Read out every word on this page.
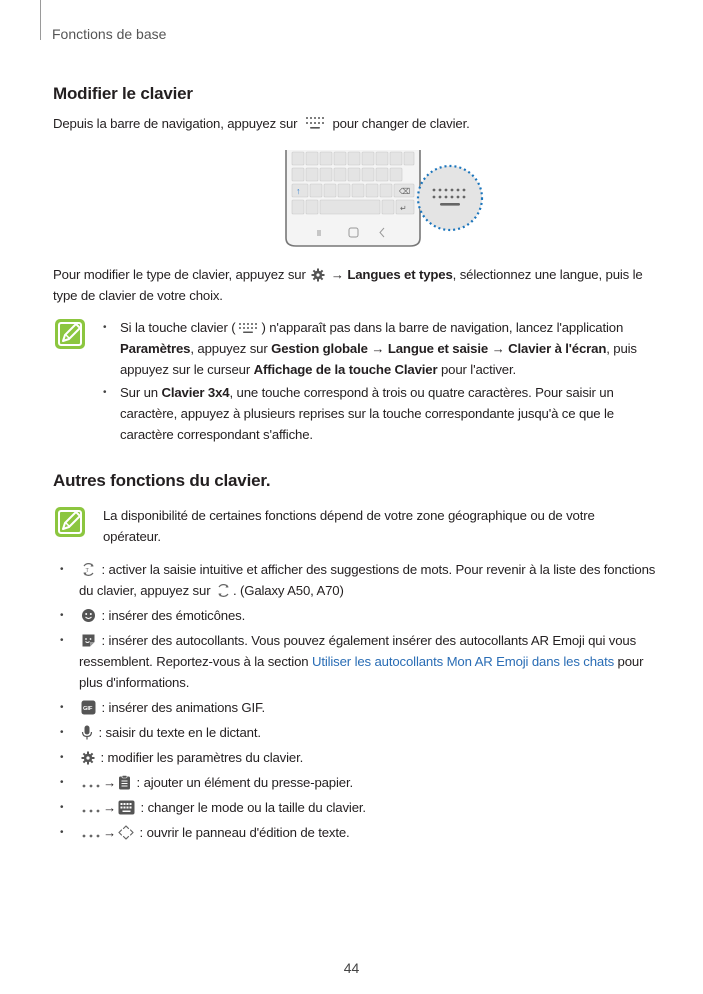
Fonctions de base
Modifier le clavier
Depuis la barre de navigation, appuyez sur	pour changer de clavier.
↑	⌫
↵
Pour modifier le type de clavier, appuyez sur → Langues et types, sélectionnez une langue, puis le type de clavier de votre choix.
• Si la touche clavier ( ) n'apparaît pas dans la barre de navigation, lancez l'application Paramètres, appuyez sur Gestion globale → Langue et saisie → Clavier à l'écran, puis appuyez sur le curseur Affichage de la touche Clavier pour l'activer.
• Sur un Clavier 3x4, une touche correspond à trois ou quatre caractères. Pour saisir un caractère, appuyez à plusieurs reprises sur la touche correspondante jusqu'à ce que le caractère correspondant s'affiche.
Autres fonctions du clavier.
La disponibilité de certaines fonctions dépend de votre zone géographique ou de votre opérateur.
• T : activer la saisie intuitive et afficher des suggestions de mots. Pour revenir à la liste des fonctions du clavier, appuyez sur . (Galaxy A50, A70)
• : insérer des émoticônes.
• : insérer des autocollants. Vous pouvez également insérer des autocollants AR Emoji qui vous ressemblent. Reportez-vous à la section Utiliser les autocollants Mon AR Emoji dans les chats pour plus d'informations.
• GIF : insérer des animations GIF.
• : saisir du texte en le dictant.
• : modifier les paramètres du clavier.
• → : ajouter un élément du presse-papier.
• → : changer le mode ou la taille du clavier.
• → : ouvrir le panneau d'édition de texte.
44
